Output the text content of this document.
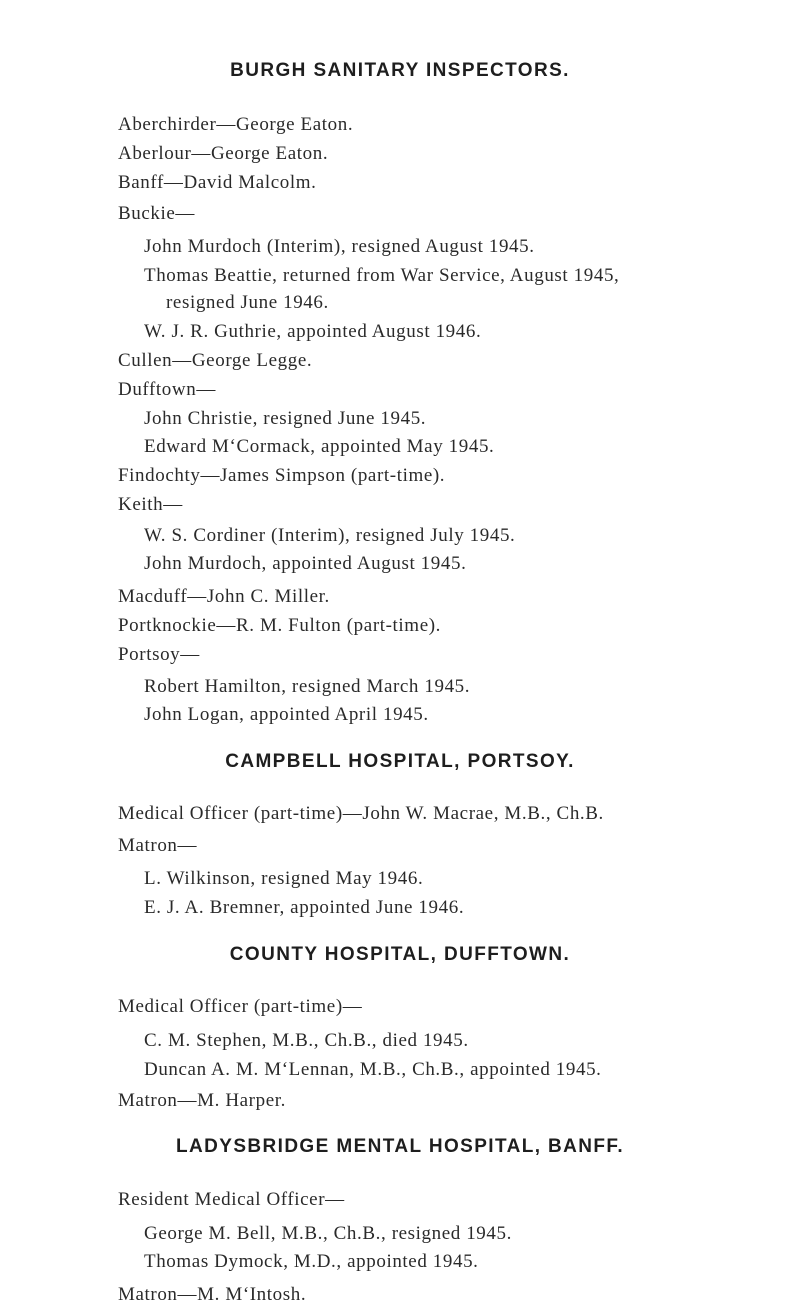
BURGH SANITARY INSPECTORS.
Aberchirder—George Eaton.
Aberlour—George Eaton.
Banff—David Malcolm.
Buckie—
John Murdoch (Interim), resigned August 1945.
Thomas Beattie, returned from War Service, August 1945,
resigned June 1946.
W. J. R. Guthrie, appointed August 1946.
Cullen—George Legge.
Dufftown—
John Christie, resigned June 1945.
Edward M‘Cormack, appointed May 1945.
Findochty—James Simpson (part-time).
Keith—
W. S. Cordiner (Interim), resigned July 1945.
John Murdoch, appointed August 1945.
Macduff—John C. Miller.
Portknockie—R. M. Fulton (part-time).
Portsoy—
Robert Hamilton, resigned March 1945.
John Logan, appointed April 1945.
CAMPBELL HOSPITAL, PORTSOY.
Medical Officer (part-time)—John W. Macrae, M.B., Ch.B.
Matron—
L. Wilkinson, resigned May 1946.
E. J. A. Bremner, appointed June 1946.
COUNTY HOSPITAL, DUFFTOWN.
Medical Officer (part-time)—
C. M. Stephen, M.B., Ch.B., died 1945.
Duncan A. M. M‘Lennan, M.B., Ch.B., appointed 1945.
Matron—M. Harper.
LADYSBRIDGE MENTAL HOSPITAL, BANFF.
Resident Medical Officer—
George M. Bell, M.B., Ch.B., resigned 1945.
Thomas Dymock, M.D., appointed 1945.
Matron—M. M‘Intosh.
